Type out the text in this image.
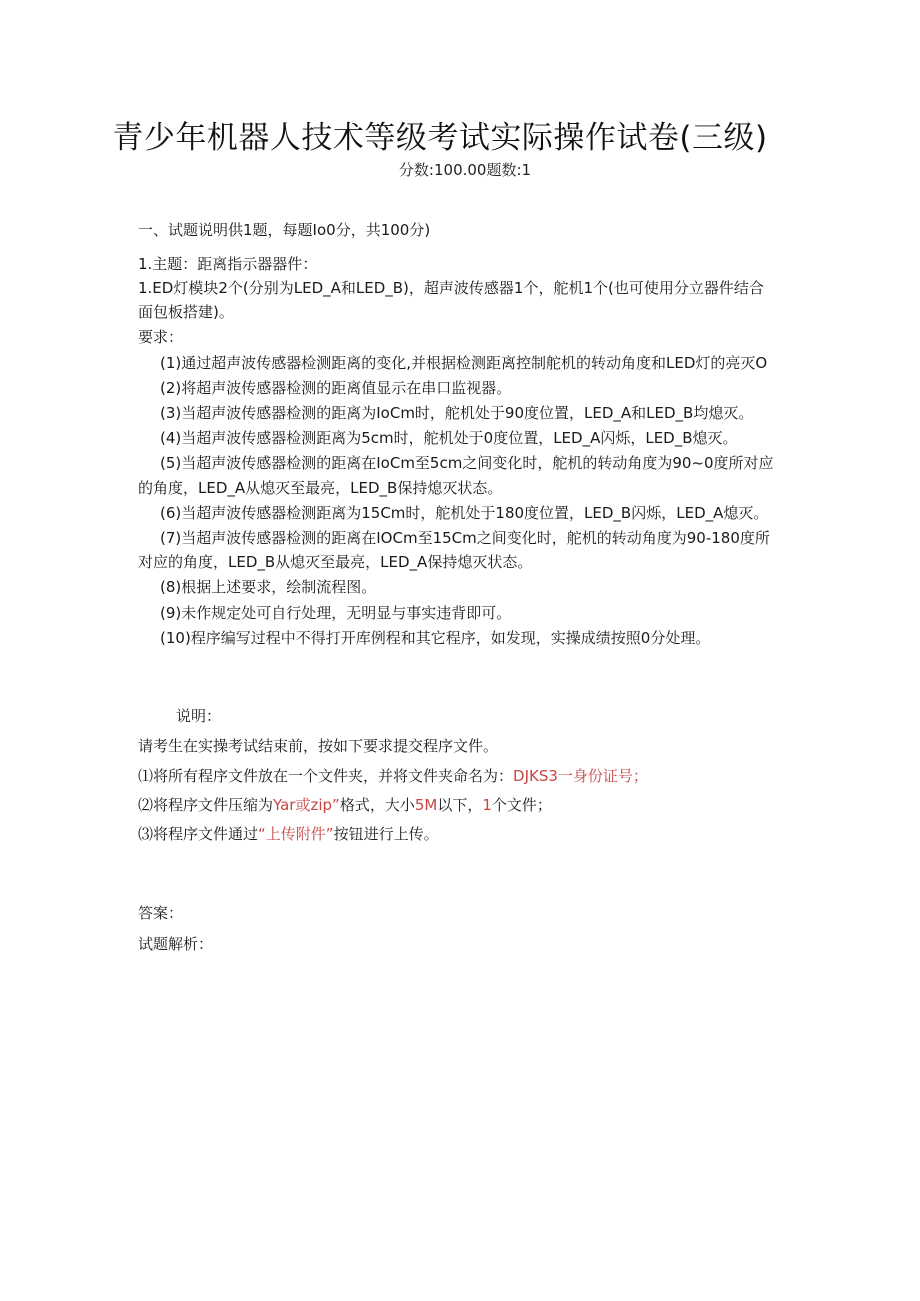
青少年机器人技术等级考试实际操作试卷(三级)
分数:100.00题数:1
一、试题说明供1题，每题Io0分，共100分)
1.主题：距离指示器器件：
1.ED灯模块2个(分别为LED_A和LED_B)，超声波传感器1个，舵机1个(也可使用分立器件结合
面包板搭建)。
要求：
(1)通过超声波传感器检测距离的变化,并根据检测距离控制舵机的转动角度和LED灯的亮灭O
(2)将超声波传感器检测的距离值显示在串口监视器。
(3)当超声波传感器检测的距离为IoCm时，舵机处于90度位置，LED_A和LED_B均熄灭。
(4)当超声波传感器检测距离为5cm时，舵机处于0度位置，LED_A闪烁，LED_B熄灭。
(5)当超声波传感器检测的距离在IoCm至5cm之间变化时，舵机的转动角度为90~0度所对应
的角度，LED_A从熄灭至最亮，LED_B保持熄灭状态。
(6)当超声波传感器检测距离为15Cm时，舵机处于180度位置，LED_B闪烁，LED_A熄灭。
(7)当超声波传感器检测的距离在IOCm至15Cm之间变化时，舵机的转动角度为90-180度所
对应的角度，LED_B从熄灭至最亮，LED_A保持熄灭状态。
(8)根据上述要求，绘制流程图。
(9)未作规定处可自行处理，无明显与事实违背即可。
(10)程序编写过程中不得打开库例程和其它程序，如发现，实操成绩按照0分处理。
说明：
请考生在实操考试结束前，按如下要求提交程序文件。
⑴将所有程序文件放在一个文件夹，并将文件夹命名为：DJKS3一身份证号；
⑵将程序文件压缩为Yar或zip”格式，大小5M以下，1个文件；
⑶将程序文件通过“上传附件”按钮进行上传。
答案：
试题解析：
